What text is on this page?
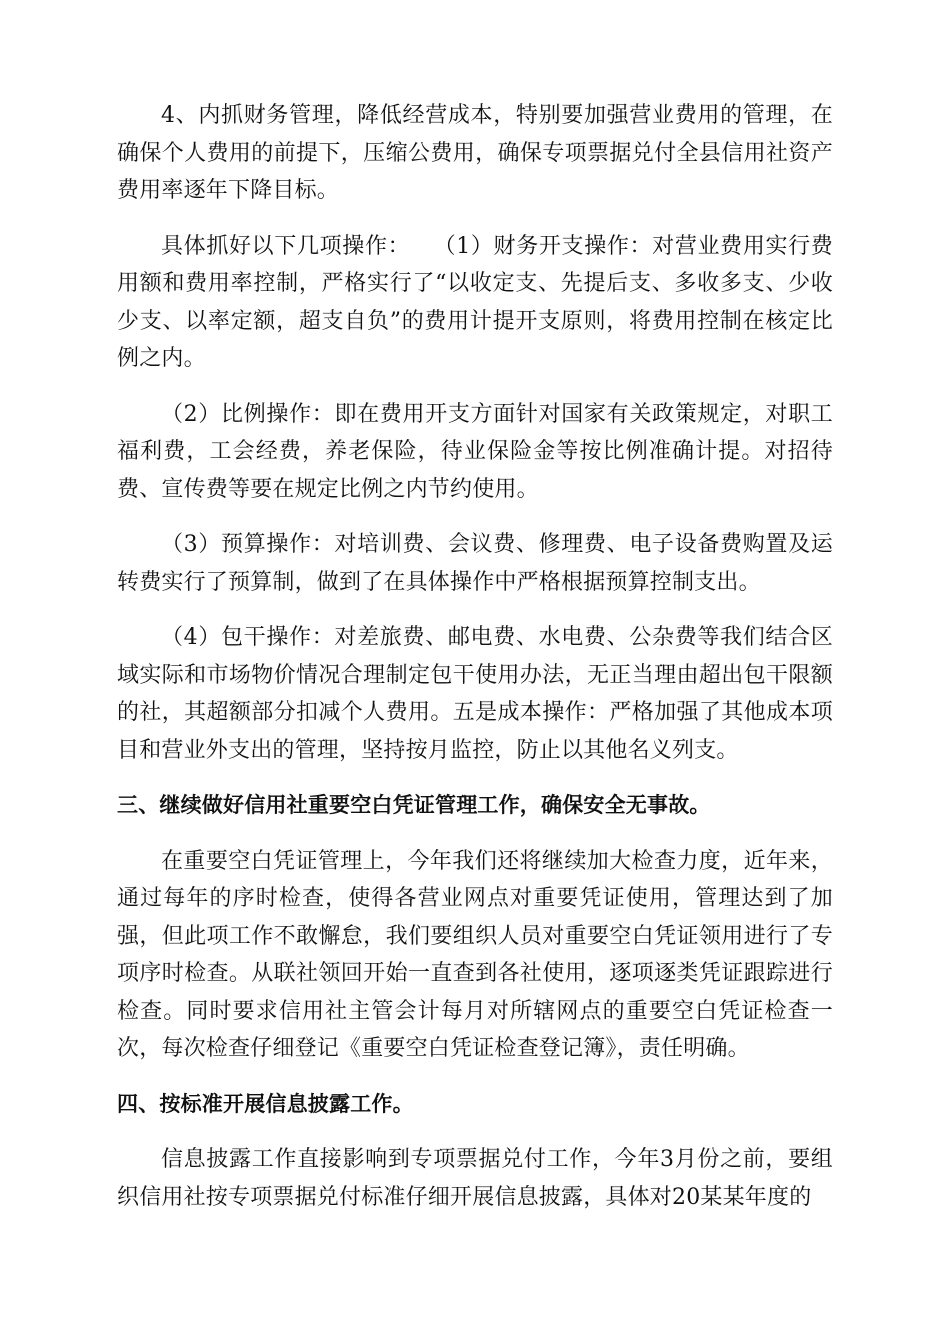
4、内抓财务管理，降低经营成本，特别要加强营业费用的管理，在确保个人费用的前提下，压缩公费用，确保专项票据兑付全县信用社资产费用率逐年下降目标。

具体抓好以下几项操作：　　（1）财务开支操作：对营业费用实行费用额和费用率控制，严格实行了“以收定支、先提后支、多收多支、少收少支、以率定额，超支自负”的费用计提开支原则，将费用控制在核定比例之内。

（2）比例操作：即在费用开支方面针对国家有关政策规定，对职工福利费，工会经费，养老保险，待业保险金等按比例准确计提。对招待费、宣传费等要在规定比例之内节约使用。

（3）预算操作：对培训费、会议费、修理费、电子设备费购置及运转费实行了预算制，做到了在具体操作中严格根据预算控制支出。

（4）包干操作：对差旅费、邮电费、水电费、公杂费等我们结合区域实际和市场物价情况合理制定包干使用办法，无正当理由超出包干限额的社，其超额部分扣减个人费用。五是成本操作：严格加强了其他成本项目和营业外支出的管理，坚持按月监控，防止以其他名义列支。

三、继续做好信用社重要空白凭证管理工作，确保安全无事故。

在重要空白凭证管理上，今年我们还将继续加大检查力度，近年来，通过每年的序时检查，使得各营业网点对重要凭证使用，管理达到了加强，但此项工作不敢懈怠，我们要组织人员对重要空白凭证领用进行了专项序时检查。从联社领回开始一直查到各社使用，逐项逐类凭证跟踪进行检查。同时要求信用社主管会计每月对所辖网点的重要空白凭证检查一次，每次检查仔细登记《重要空白凭证检查登记簿》，责任明确。

四、按标准开展信息披露工作。

信息披露工作直接影响到专项票据兑付工作，今年3月份之前，要组织信用社按专项票据兑付标准仔细开展信息披露，具体对20某某年度的
